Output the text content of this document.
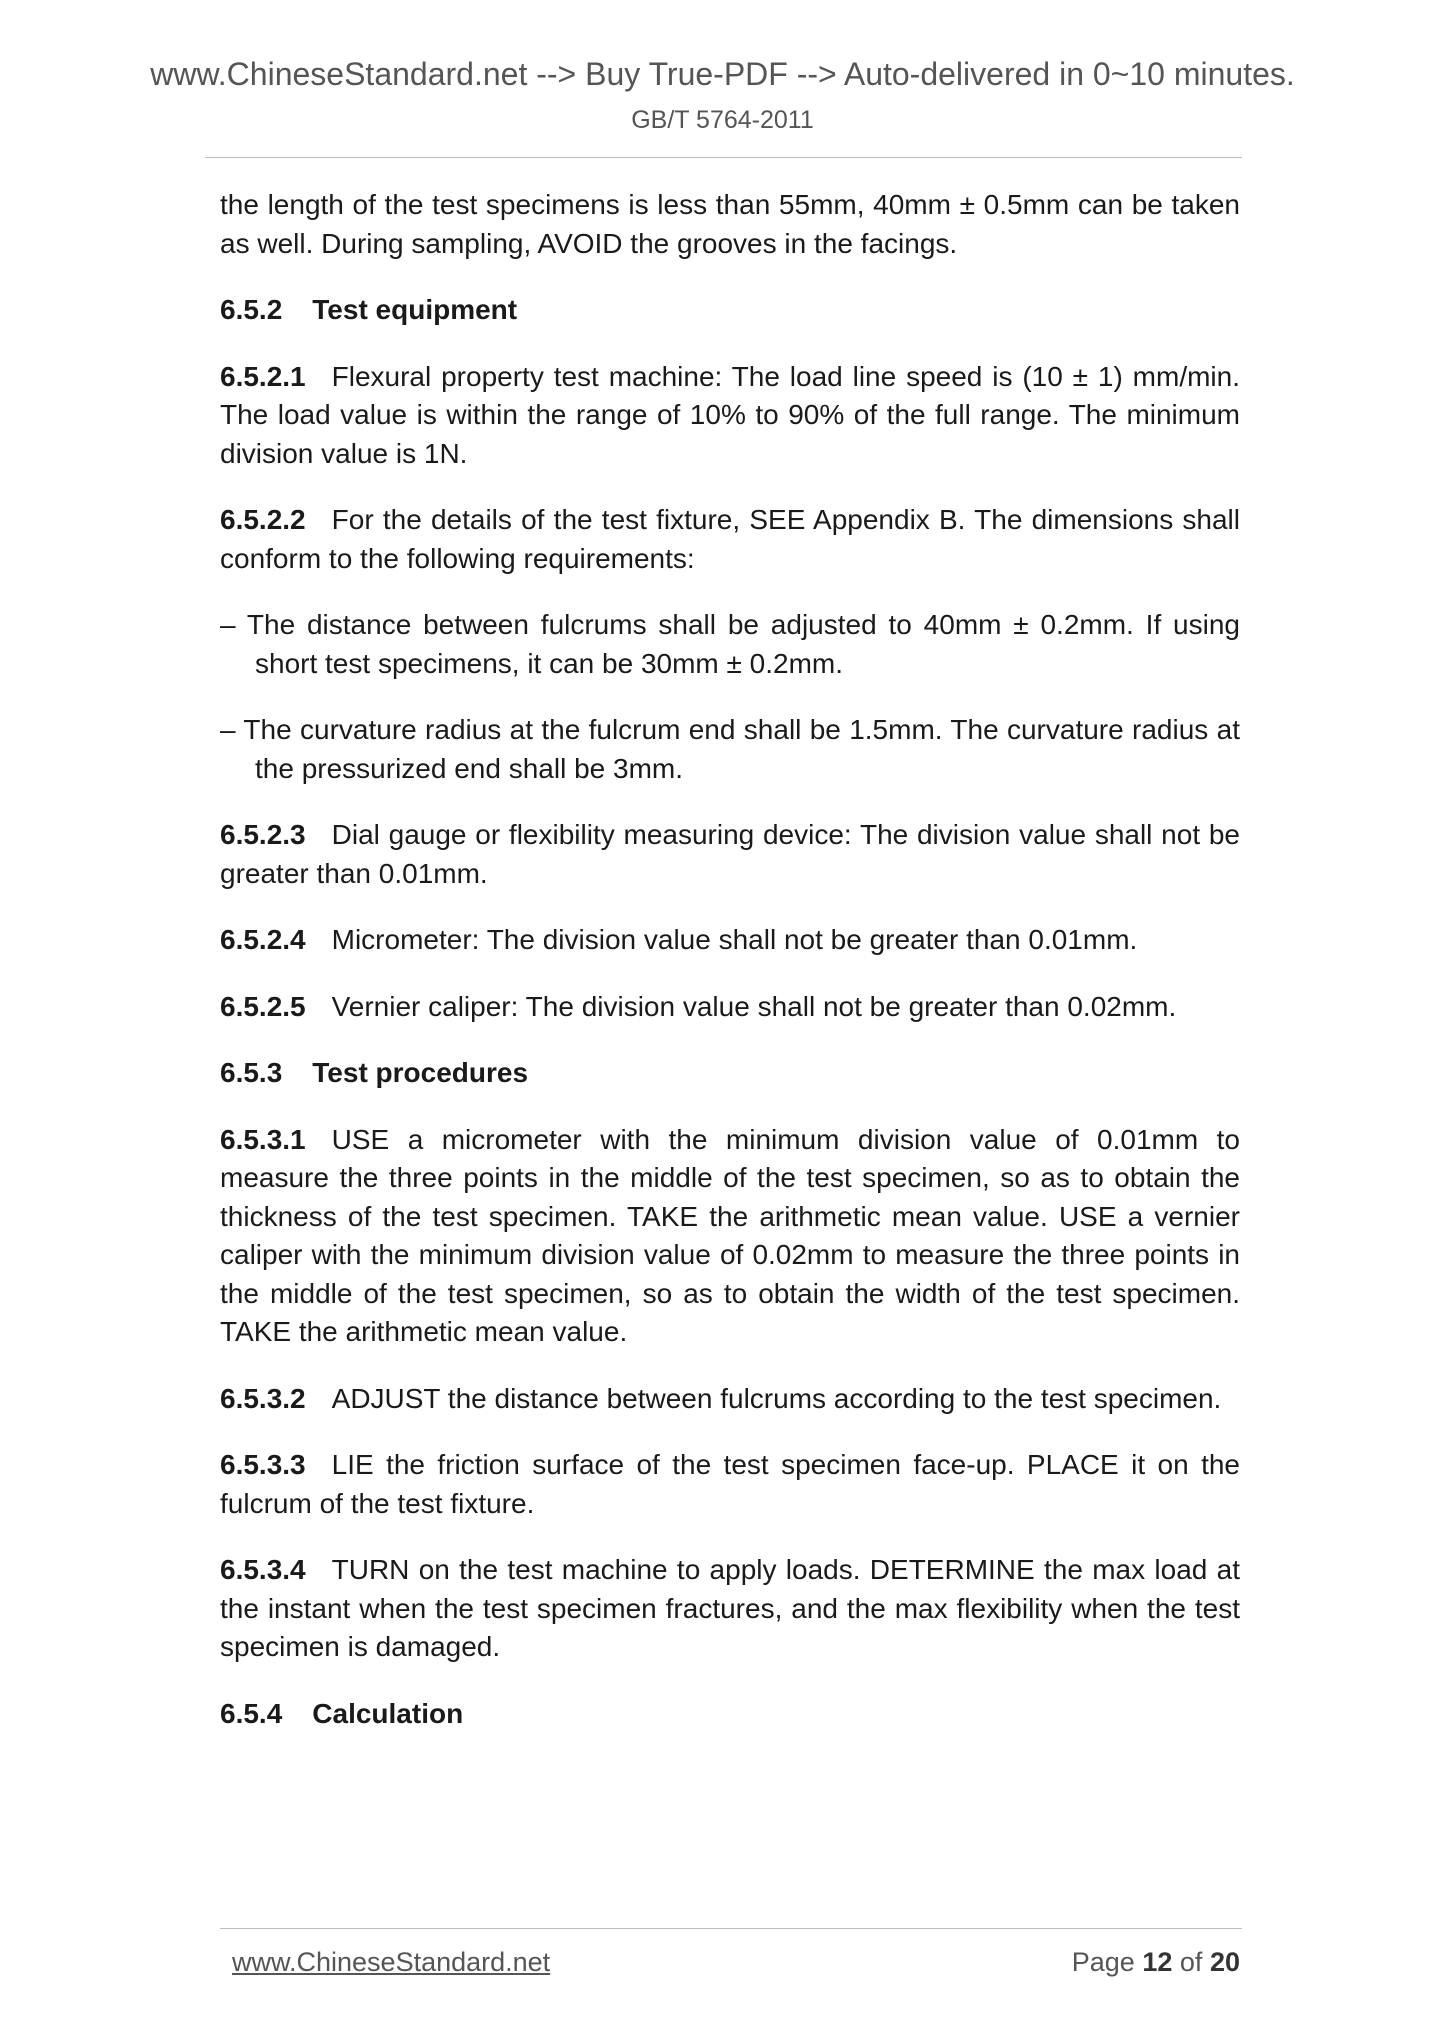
www.ChineseStandard.net --> Buy True-PDF --> Auto-delivered in 0~10 minutes.
GB/T 5764-2011

the length of the test specimens is less than 55mm, 40mm ± 0.5mm can be taken as well. During sampling, AVOID the grooves in the facings.

6.5.2 Test equipment

6.5.2.1 Flexural property test machine: The load line speed is (10 ± 1) mm/min. The load value is within the range of 10% to 90% of the full range. The minimum division value is 1N.

6.5.2.2 For the details of the test fixture, SEE Appendix B. The dimensions shall conform to the following requirements:

– The distance between fulcrums shall be adjusted to 40mm ± 0.2mm. If using short test specimens, it can be 30mm ± 0.2mm.

– The curvature radius at the fulcrum end shall be 1.5mm. The curvature radius at the pressurized end shall be 3mm.

6.5.2.3 Dial gauge or flexibility measuring device: The division value shall not be greater than 0.01mm.

6.5.2.4 Micrometer: The division value shall not be greater than 0.01mm.

6.5.2.5 Vernier caliper: The division value shall not be greater than 0.02mm.

6.5.3 Test procedures

6.5.3.1 USE a micrometer with the minimum division value of 0.01mm to measure the three points in the middle of the test specimen, so as to obtain the thickness of the test specimen. TAKE the arithmetic mean value. USE a vernier caliper with the minimum division value of 0.02mm to measure the three points in the middle of the test specimen, so as to obtain the width of the test specimen. TAKE the arithmetic mean value.

6.5.3.2 ADJUST the distance between fulcrums according to the test specimen.

6.5.3.3 LIE the friction surface of the test specimen face-up. PLACE it on the fulcrum of the test fixture.

6.5.3.4 TURN on the test machine to apply loads. DETERMINE the max load at the instant when the test specimen fractures, and the max flexibility when the test specimen is damaged.

6.5.4 Calculation
www.ChineseStandard.net	Page 12 of 20
